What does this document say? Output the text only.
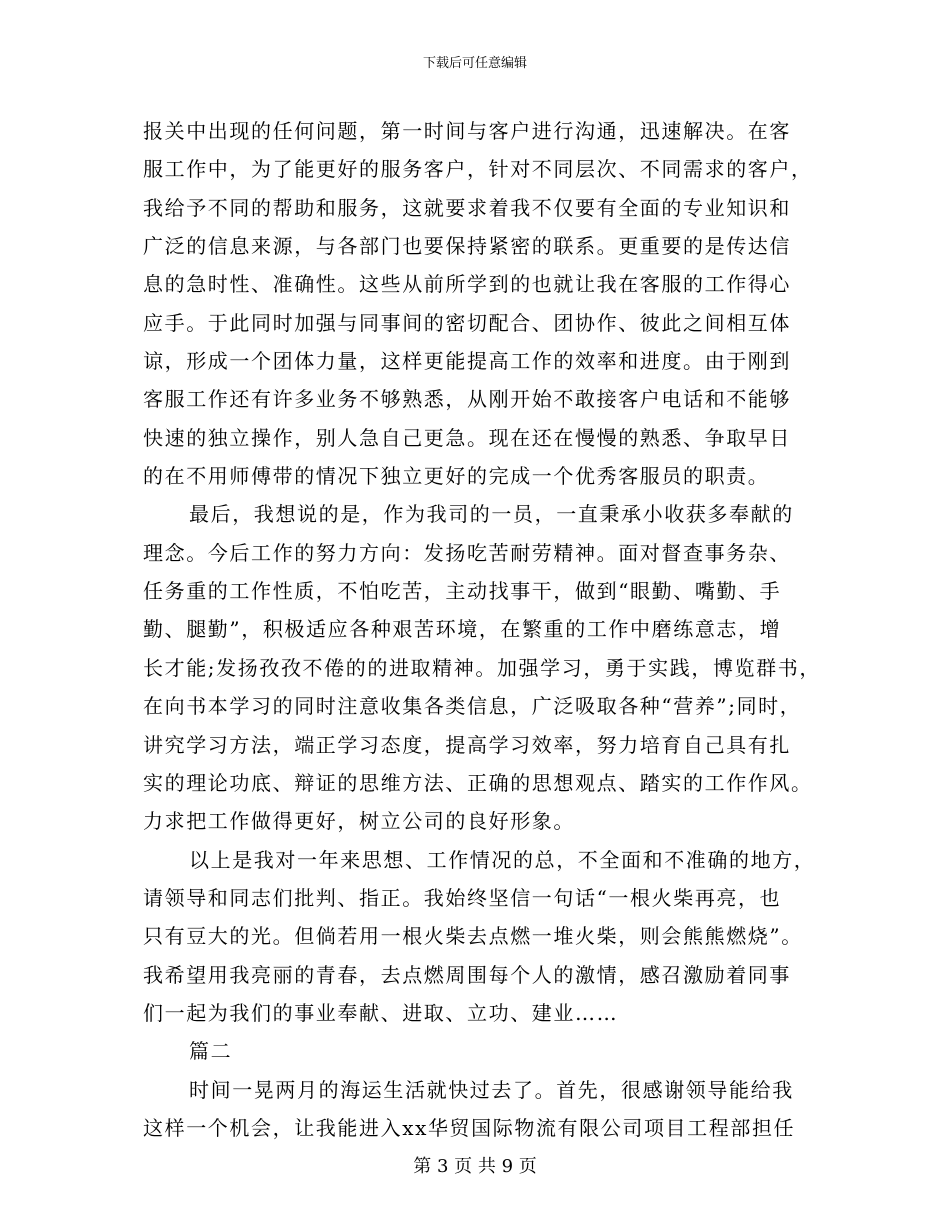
下载后可任意编辑
报关中出现的任何问题，第一时间与客户进行沟通，迅速解决。在客
服工作中，为了能更好的服务客户，针对不同层次、不同需求的客户，
我给予不同的帮助和服务，这就要求着我不仅要有全面的专业知识和
广泛的信息来源，与各部门也要保持紧密的联系。更重要的是传达信
息的急时性、准确性。这些从前所学到的也就让我在客服的工作得心
应手。于此同时加强与同事间的密切配合、团协作、彼此之间相互体
谅，形成一个团体力量，这样更能提高工作的效率和进度。由于刚到
客服工作还有许多业务不够熟悉，从刚开始不敢接客户电话和不能够
快速的独立操作，别人急自己更急。现在还在慢慢的熟悉、争取早日
的在不用师傅带的情况下独立更好的完成一个优秀客服员的职责。
最后，我想说的是，作为我司的一员，一直秉承小收获多奉献的
理念。今后工作的努力方向：发扬吃苦耐劳精神。面对督查事务杂、
任务重的工作性质，不怕吃苦，主动找事干，做到“眼勤、嘴勤、手
勤、腿勤”，积极适应各种艰苦环境，在繁重的工作中磨练意志，增
长才能;发扬孜孜不倦的的进取精神。加强学习，勇于实践，博览群书，
在向书本学习的同时注意收集各类信息，广泛吸取各种“营养”;同时，
讲究学习方法，端正学习态度，提高学习效率，努力培育自己具有扎
实的理论功底、辩证的思维方法、正确的思想观点、踏实的工作作风。
力求把工作做得更好，树立公司的良好形象。
以上是我对一年来思想、工作情况的总，不全面和不准确的地方，
请领导和同志们批判、指正。我始终坚信一句话“一根火柴再亮，也
只有豆大的光。但倘若用一根火柴去点燃一堆火柴，则会熊熊燃烧”。
我希望用我亮丽的青春，去点燃周围每个人的激情，感召激励着同事
们一起为我们的事业奉献、进取、立功、建业……
篇二
时间一晃两月的海运生活就快过去了。首先，很感谢领导能给我
这样一个机会，让我能进入xx华贸国际物流有限公司项目工程部担任
第 3 页 共 9 页
